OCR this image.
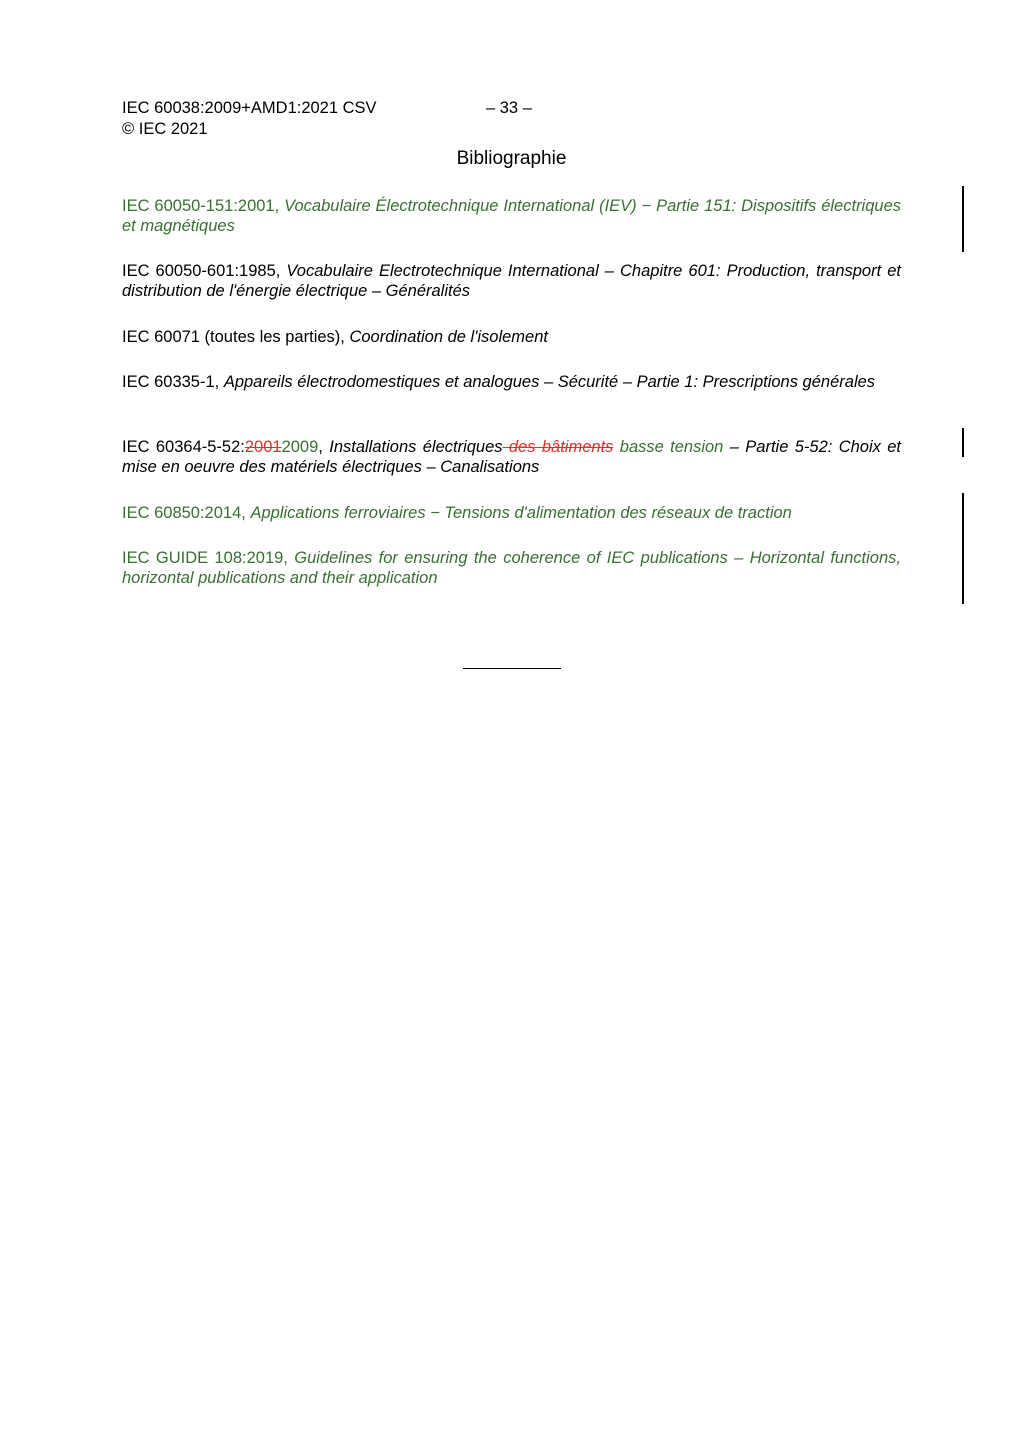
IEC 60038:2009+AMD1:2021 CSV	– 33 –
© IEC 2021
Bibliographie
IEC 60050-151:2001, Vocabulaire Électrotechnique International (IEV) − Partie 151: Dispositifs électriques et magnétiques
IEC 60050-601:1985, Vocabulaire Electrotechnique International – Chapitre 601: Production, transport et distribution de l'énergie électrique – Généralités
IEC 60071 (toutes les parties), Coordination de l'isolement
IEC 60335-1, Appareils électrodomestiques et analogues – Sécurité – Partie 1: Prescriptions générales
IEC 60364-5-52:20012009, Installations électriques des bâtiments basse tension – Partie 5-52: Choix et mise en oeuvre des matériels électriques – Canalisations
IEC 60850:2014, Applications ferroviaires − Tensions d'alimentation des réseaux de traction
IEC GUIDE 108:2019, Guidelines for ensuring the coherence of IEC publications – Horizontal functions, horizontal publications and their application
